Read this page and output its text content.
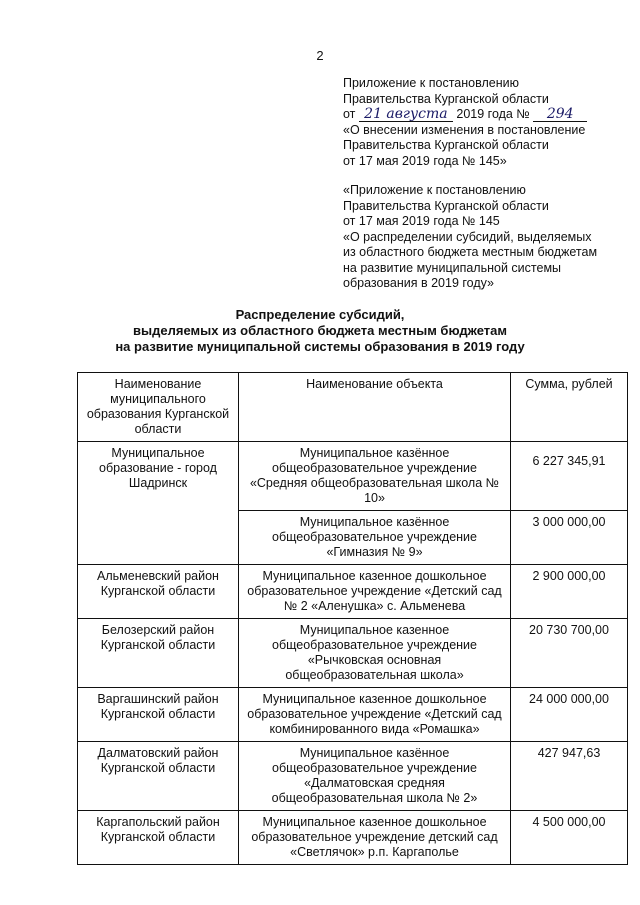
2
Приложение к постановлению
Правительства Курганской области
от 21 августа 2019 года № 294
«О внесении изменения в постановление
Правительства Курганской области
от 17 мая 2019 года № 145»
«Приложение к постановлению
Правительства Курганской области
от 17 мая 2019 года № 145
«О распределении субсидий, выделяемых
из областного бюджета местным бюджетам
на развитие муниципальной системы
образования в 2019 году»
Распределение субсидий,
выделяемых из областного бюджета местным бюджетам
на развитие муниципальной системы образования в 2019 году
Наименование муниципального образования Курганской области	Наименование объекта	Сумма, рублей
Муниципальное образование - город Шадринск	Муниципальное казённое общеобразовательное учреждение «Средняя общеобразовательная школа № 10»	6 227 345,91
	Муниципальное казённое общеобразовательное учреждение «Гимназия № 9»	3 000 000,00
Альменевский район Курганской области	Муниципальное казенное дошкольное образовательное учреждение «Детский сад № 2 «Аленушка» с. Альменева	2 900 000,00
Белозерский район Курганской области	Муниципальное казенное общеобразовательное учреждение «Рычковская основная общеобразовательная школа»	20 730 700,00
Варгашинский район Курганской области	Муниципальное казенное дошкольное образовательное учреждение «Детский сад комбинированного вида «Ромашка»	24 000 000,00
Далматовский район Курганской области	Муниципальное казённое общеобразовательное учреждение «Далматовская средняя общеобразовательная школа № 2»	427 947,63
Каргапольский район Курганской области	Муниципальное казенное дошкольное образовательное учреждение детский сад «Светлячок» р.п. Каргаполье	4 500 000,00
